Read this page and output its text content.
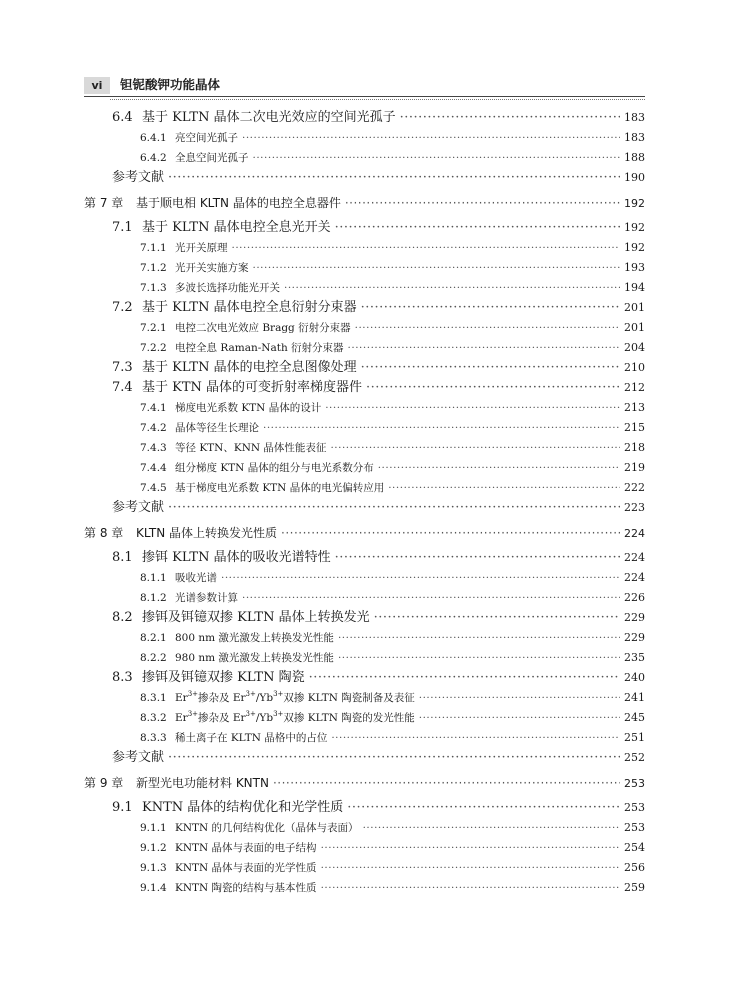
vi	钽铌酸钾功能晶体
6.4 基于 KLTN 晶体二次电光效应的空间光孤子 ·····	183
6.4.1 亮空间光孤子 ·····	183
6.4.2 全息空间光孤子 ·····	188
参考文献 ·····	190
第 7 章	基于顺电相 KLTN 晶体的电控全息器件 ·····	192
7.1 基于 KLTN 晶体电控全息光开关 ·····	192
7.1.1 光开关原理 ·····	192
7.1.2 光开关实施方案 ·····	193
7.1.3 多波长选择功能光开关 ·····	194
7.2 基于 KLTN 晶体电控全息衍射分束器 ·····	201
7.2.1 电控二次电光效应 Bragg 衍射分束器 ·····	201
7.2.2 电控全息 Raman-Nath 衍射分束器 ·····	204
7.3 基于 KLTN 晶体的电控全息图像处理 ·····	210
7.4 基于 KTN 晶体的可变折射率梯度器件 ·····	212
7.4.1 梯度电光系数 KTN 晶体的设计 ·····	213
7.4.2 晶体等径生长理论 ·····	215
7.4.3 等径 KTN、KNN 晶体性能表征 ·····	218
7.4.4 组分梯度 KTN 晶体的组分与电光系数分布 ·····	219
7.4.5 基于梯度电光系数 KTN 晶体的电光偏转应用 ·····	222
参考文献 ·····	223
第 8 章	KLTN 晶体上转换发光性质 ·····	224
8.1 掺铒 KLTN 晶体的吸收光谱特性 ·····	224
8.1.1 吸收光谱 ·····	224
8.1.2 光谱参数计算 ·····	226
8.2 掺铒及铒镱双掺 KLTN 晶体上转换发光 ·····	229
8.2.1 800 nm 激光激发上转换发光性能 ·····	229
8.2.2 980 nm 激光激发上转换发光性能 ·····	235
8.3 掺铒及铒镱双掺 KLTN 陶瓷 ·····	240
8.3.1 $Er^{3+}$掺杂及 $Er^{3+}/Yb^{3+}$双掺 KLTN 陶瓷制备及表征 ·····	241
8.3.2 $Er^{3+}$掺杂及 $Er^{3+}/Yb^{3+}$双掺 KLTN 陶瓷的发光性能 ·····	245
8.3.3 稀土离子在 KLTN 晶格中的占位 ·····	251
参考文献 ·····	252
第 9 章	新型光电功能材料 KNTN ·····	253
9.1 KNTN 晶体的结构优化和光学性质 ·····	253
9.1.1 KNTN 的几何结构优化（晶体与表面） ·····	253
9.1.2 KNTN 晶体与表面的电子结构 ·····	254
9.1.3 KNTN 晶体与表面的光学性质 ·····	256
9.1.4 KNTN 陶瓷的结构与基本性质 ·····	259
